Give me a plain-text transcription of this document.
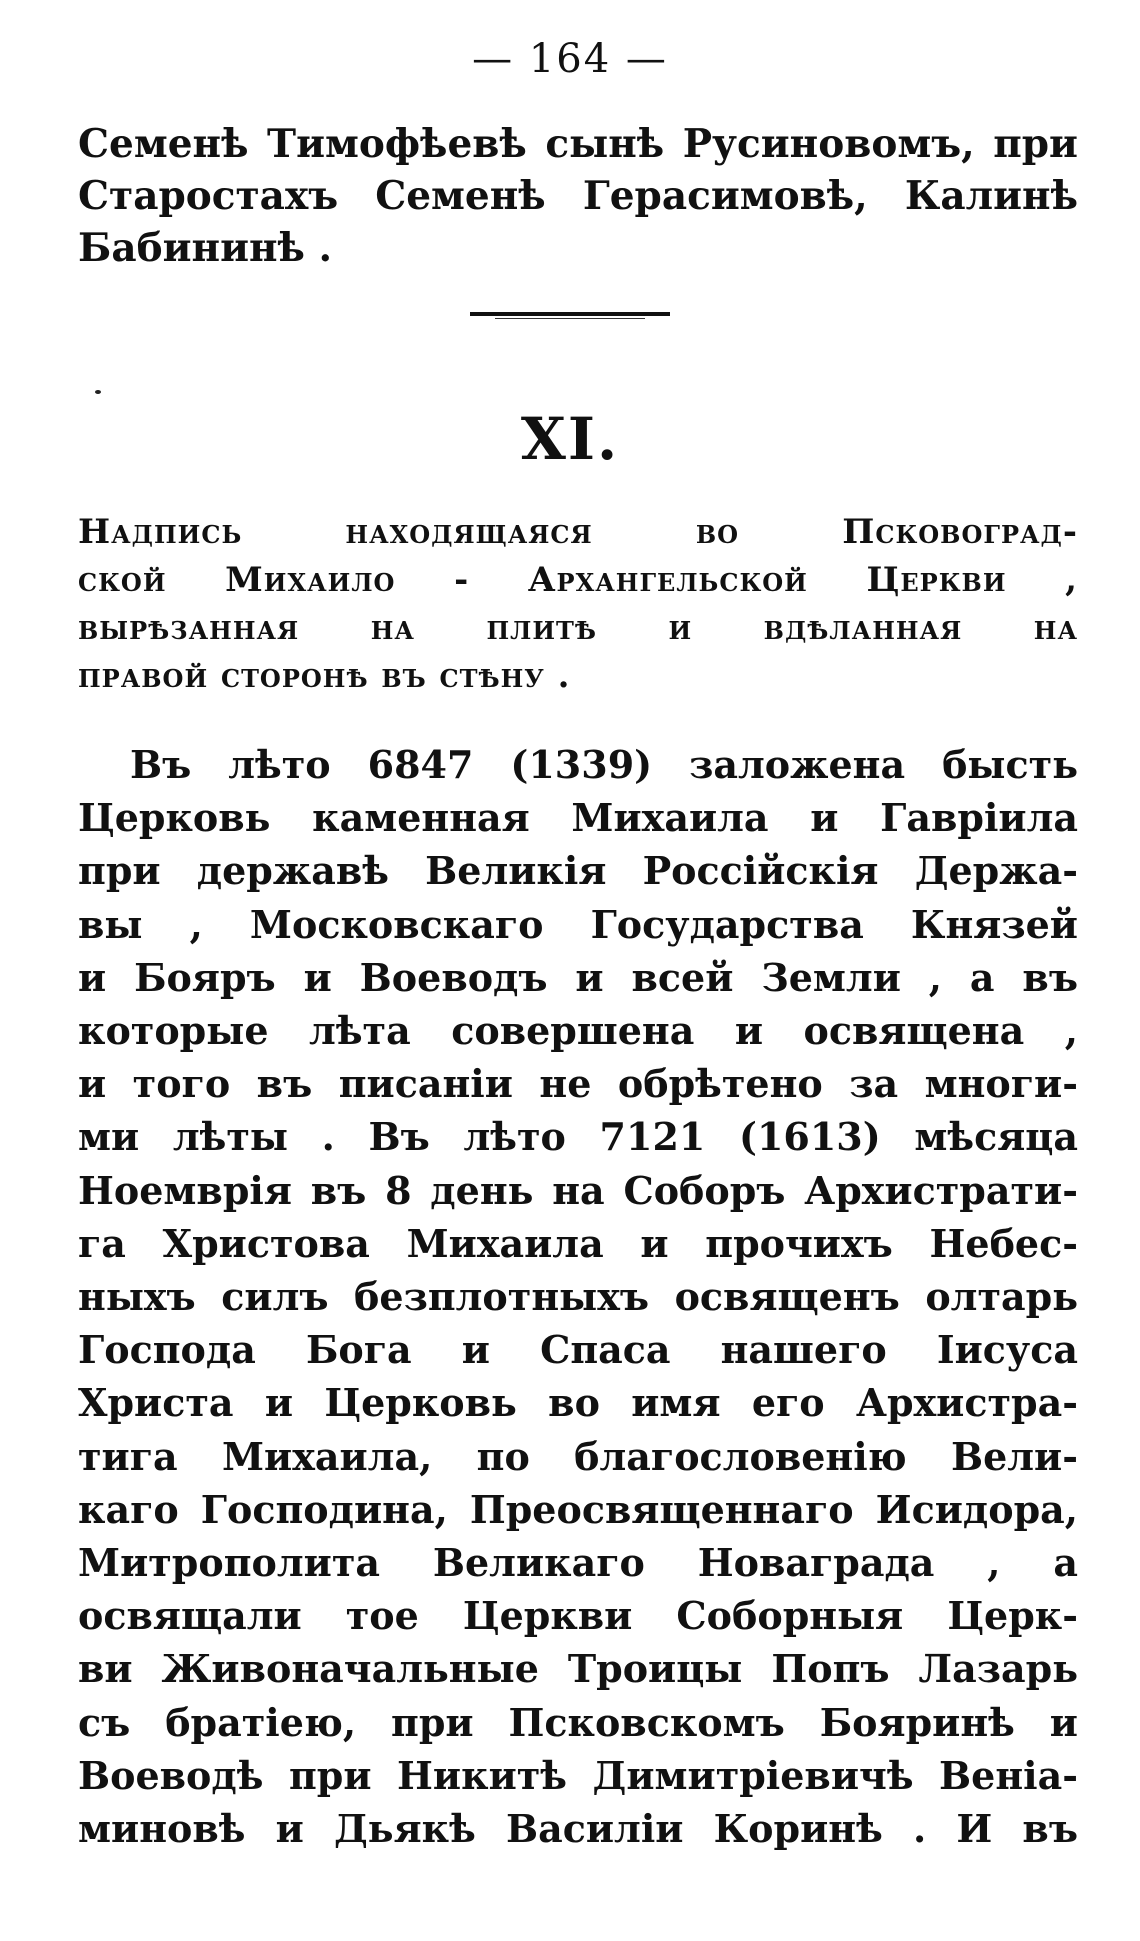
— 164 —
Семенѣ Тимофѣевѣ сынѣ Русиновомъ, при
Старостахъ Семенѣ Герасимовѣ, Калинѣ
Бабининѣ .
XI.
Надпись находящаяся во Псковоград-
ской Михаило - Архангельской Церкви ,
вырѣзанная на плитѣ и вдѣланная на
правой сторонѣ въ стѣну .
Въ лѣто 6847 (1339) заложена бысть
Церковь каменная Михаила и Гавріила
при державѣ Великія Россійскія Держа-
вы , Московскаго Государства Князей
и Бояръ и Воеводъ и всей Земли , а въ
которые лѣта совершена и освящена ,
и того въ писаніи не обрѣтено за многи-
ми лѣты . Въ лѣто 7121 (1613) мѣсяца
Ноемврія въ 8 день на Соборъ Архистрати-
га Христова Михаила и прочихъ Небес-
ныхъ силъ безплотныхъ освященъ олтарь
Господа Бога и Спаса нашего Іисуса
Христа и Церковь во имя его Архистра-
тига Михаила, по благословенію Вели-
каго Господина, Преосвященнаго Исидора,
Митрополита Великаго Новаграда , а
освящали тое Церкви Соборныя Церк-
ви Живоначальные Троицы Попъ Лазарь
съ братіею, при Псковскомъ Бояринѣ и
Воеводѣ при Никитѣ Димитріевичѣ Веніа-
миновѣ и Дьякѣ Василіи Коринѣ . И въ
